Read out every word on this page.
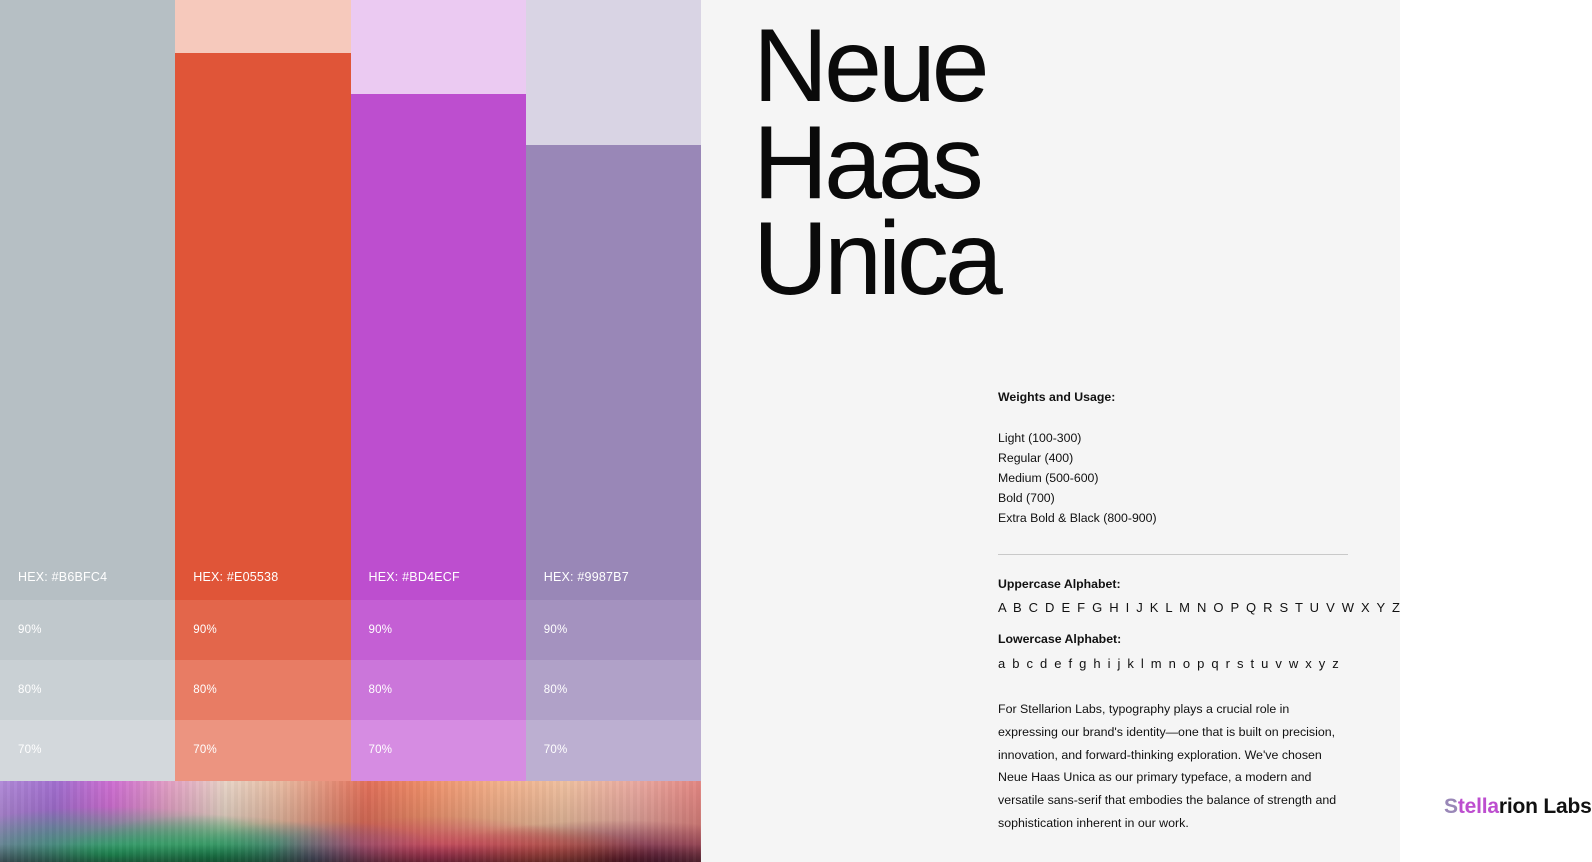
HEX: #B6BFC4
90%
80%
70%
HEX: #E05538
90%
80%
70%
HEX: #BD4ECF
90%
80%
70%
HEX: #9987B7
90%
80%
70%
Neue
Haas
Unica
Weights and Usage:
Light (100-300)
Regular (400)
Medium (500-600)
Bold (700)
Extra Bold & Black (800-900)
Uppercase Alphabet:
A B C D E F G H I J K L M N O P Q R S T U V W X Y Z
Lowercase Alphabet:
a b c d e f g h i j k l m n o p q r s t u v w x y z
For Stellarion Labs, typography plays a crucial role in expressing our brand's identity—one that is built on precision, innovation, and forward-thinking exploration. We've chosen Neue Haas Unica as our primary typeface, a modern and versatile sans-serif that embodies the balance of strength and sophistication inherent in our work.
Stellarion Labs
